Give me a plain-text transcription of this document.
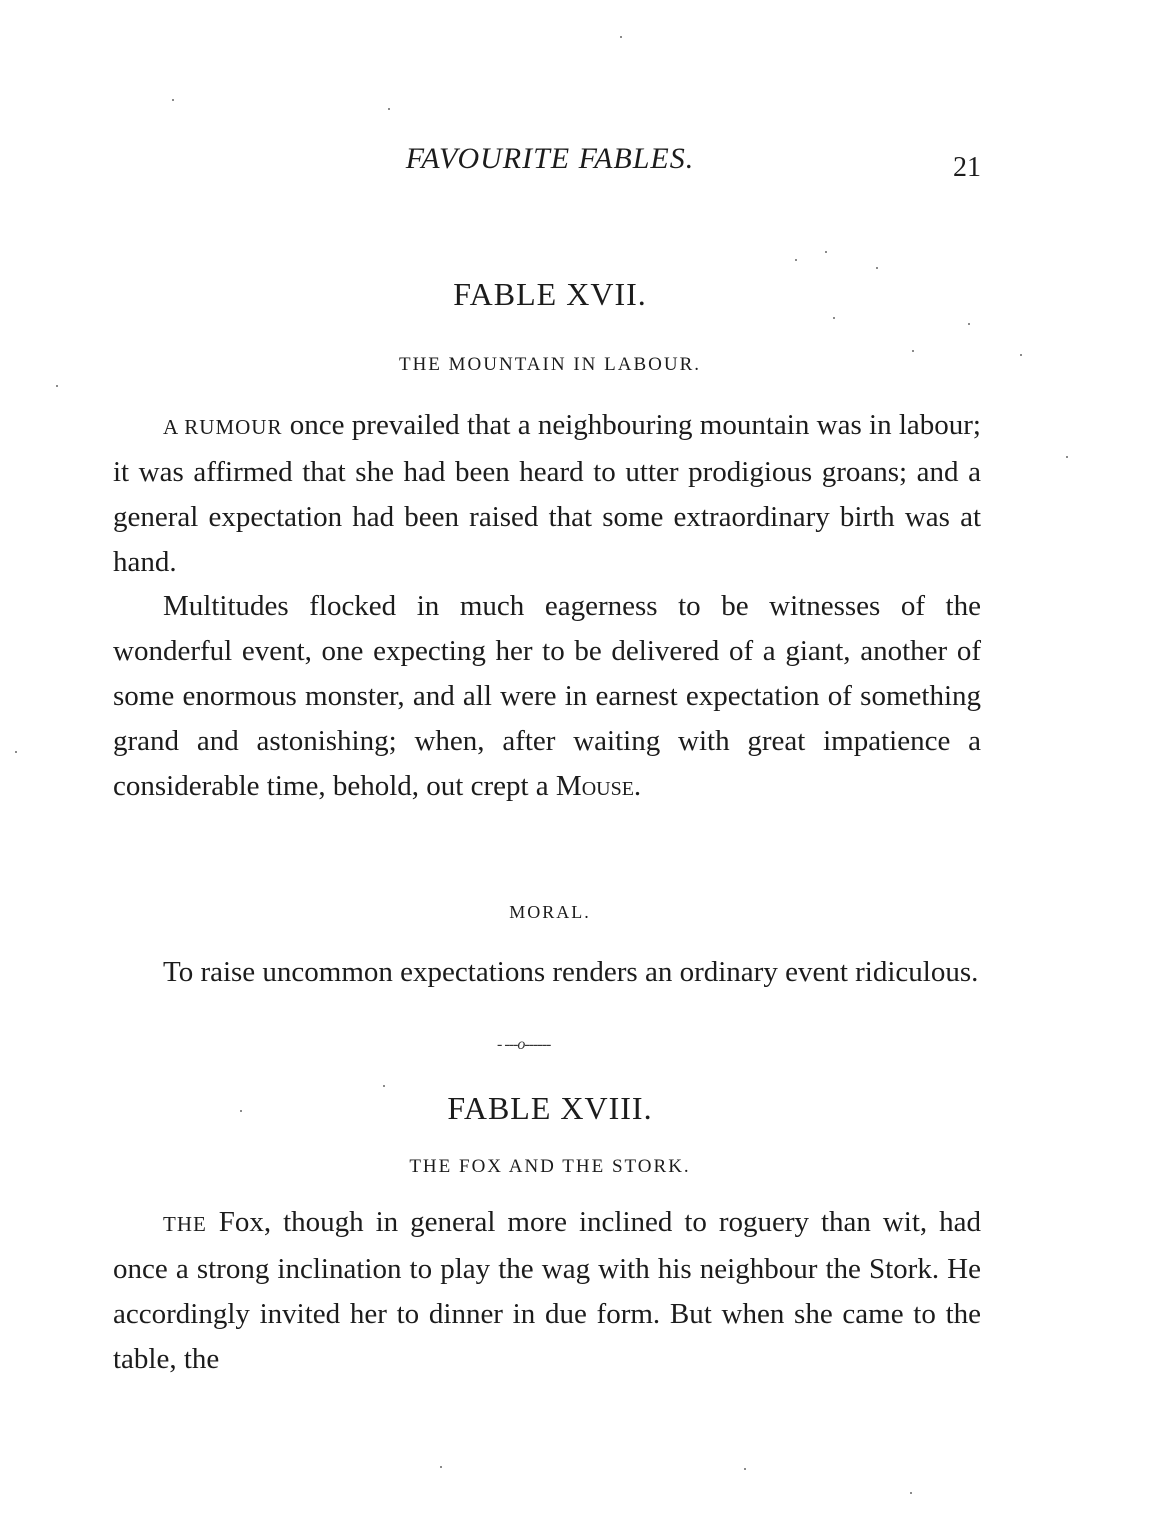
FAVOURITE FABLES.	21
FABLE XVII.
THE MOUNTAIN IN LABOUR.

A RUMOUR once prevailed that a neighbouring mountain was in labour; it was affirmed that she had been heard to utter prodigious groans; and a general expectation had been raised that some extraordinary birth was at hand.

Multitudes flocked in much eagerness to be witnesses of the wonderful event, one expecting her to be delivered of a giant, another of some enormous monster, and all were in earnest expectation of something grand and astonishing; when, after waiting with great impatience a considerable time, behold, out crept a Mouse.

MORAL.

To raise uncommon expectations renders an ordinary event ridiculous.

- ---o------
FABLE XVIII.
THE FOX AND THE STORK.

THE Fox, though in general more inclined to roguery than wit, had once a strong inclination to play the wag with his neighbour the Stork. He accordingly invited her to dinner in due form. But when she came to the table, the
